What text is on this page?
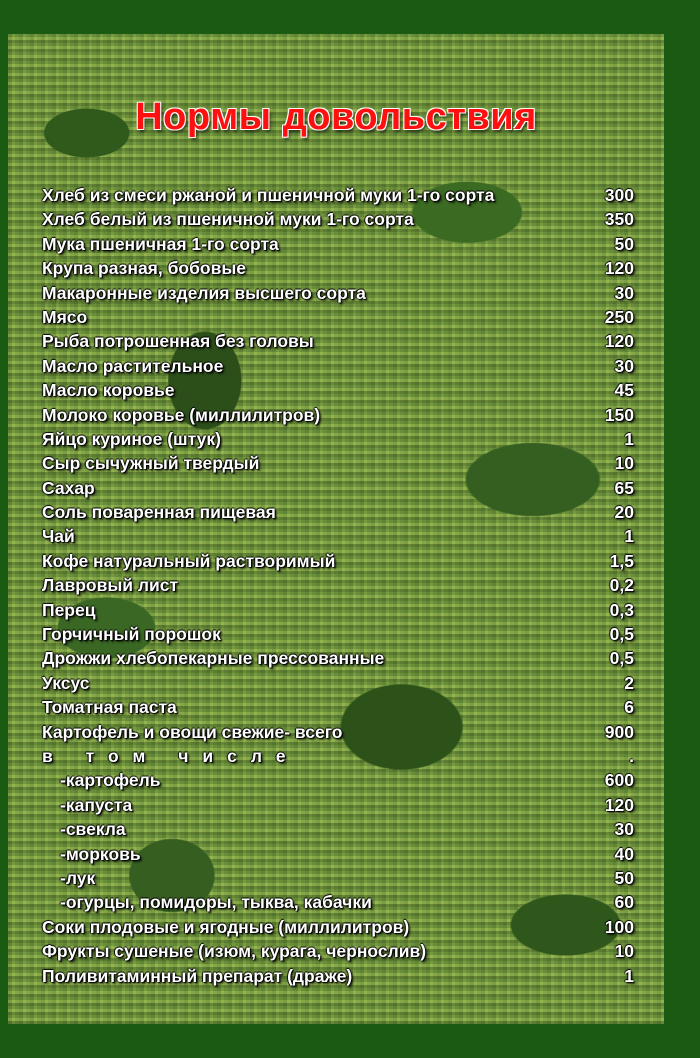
Нормы довольствия
Хлеб из смеси ржаной и пшеничной муки 1-го сорта	300
Хлеб белый из пшеничной муки 1-го сорта	350
Мука пшеничная 1-го сорта	50
Крупа разная, бобовые	120
Макаронные изделия высшего сорта	30
Мясо	250
Рыба потрошенная без головы	120
Масло растительное	30
Масло коровье	45
Молоко коровье (миллилитров)	150
Яйцо куриное (штук)	1
Сыр сычужный твердый	10
Сахар	65
Соль поваренная пищевая	20
Чай	1
Кофе натуральный растворимый	1,5
Лавровый лист	0,2
Перец	0,3
Горчичный порошок	0,5
Дрожжи хлебопекарные прессованные	0,5
Уксус	2
Томатная паста	6
Картофель и овощи свежие- всего	900
в том числе	.
-картофель	600
-капуста	120
-свекла	30
-морковь	40
-лук	50
-огурцы, помидоры, тыква, кабачки	60
Соки плодовые и ягодные (миллилитров)	100
Фрукты сушеные (изюм, курага, чернослив)	10
Поливитаминный препарат (драже)	1
